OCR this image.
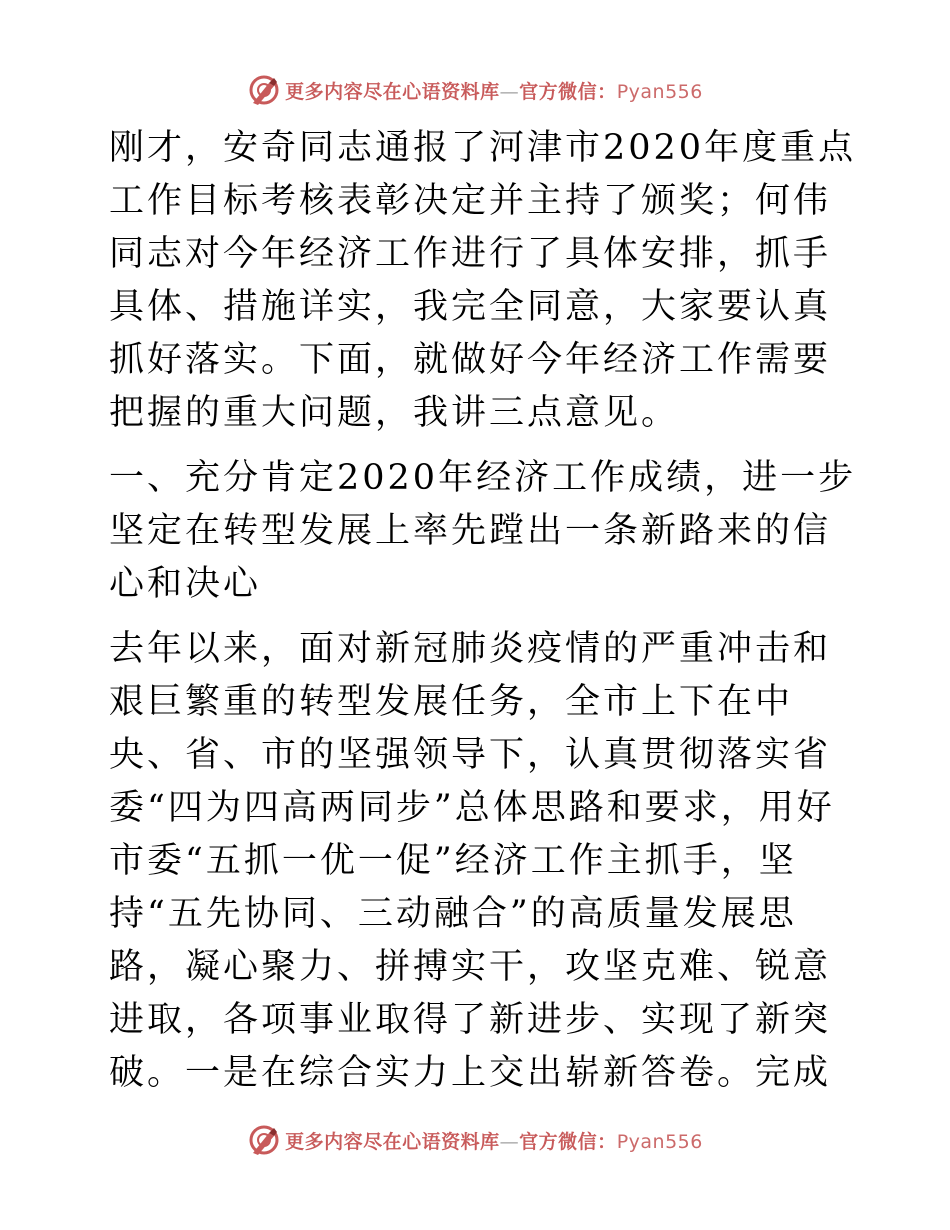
更多内容尽在心语资料库—官方微信：Pyan556

刚才，安奇同志通报了河津市2020年度重点工作目标考核表彰决定并主持了颁奖；何伟同志对今年经济工作进行了具体安排，抓手具体、措施详实，我完全同意，大家要认真抓好落实。下面，就做好今年经济工作需要把握的重大问题，我讲三点意见。

一、充分肯定2020年经济工作成绩，进一步坚定在转型发展上率先蹚出一条新路来的信心和决心

去年以来，面对新冠肺炎疫情的严重冲击和艰巨繁重的转型发展任务，全市上下在中央、省、市的坚强领导下，认真贯彻落实省委“四为四高两同步”总体思路和要求，用好市委“五抓一优一促”经济工作主抓手，坚持“五先协同、三动融合”的高质量发展思路，凝心聚力、拼搏实干，攻坚克难、锐意进取，各项事业取得了新进步、实现了新突破。一是在综合实力上交出崭新答卷。完成

更多内容尽在心语资料库—官方微信：Pyan556
